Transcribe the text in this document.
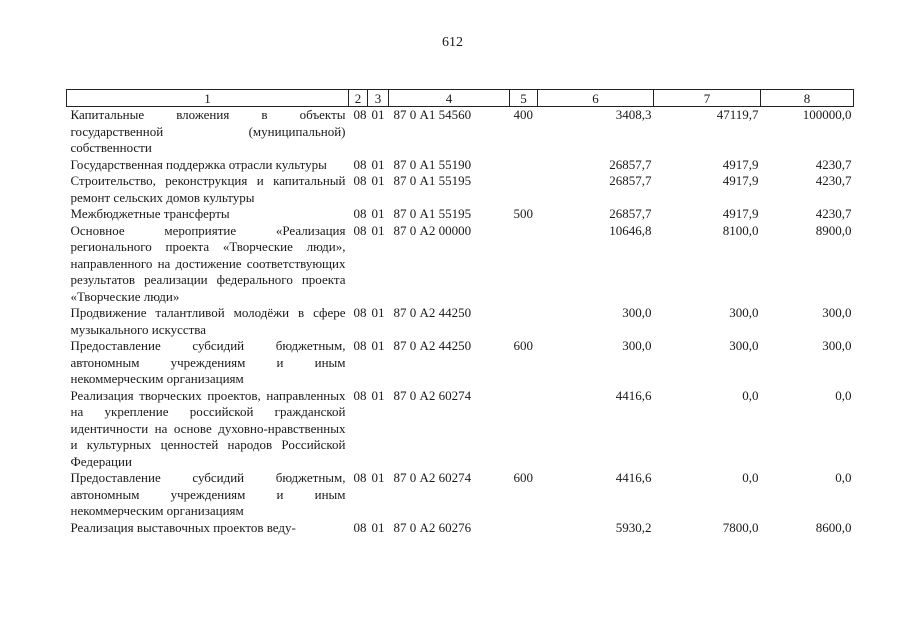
612
1	2	3	4	5	6	7	8
Капитальные вложения в объекты государственной (муниципальной) собственности	08	01	87 0 А1 54560	400	3408,3	47119,7	100000,0
Государственная поддержка отрасли культуры	08	01	87 0 А1 55190		26857,7	4917,9	4230,7
Строительство, реконструкция и капитальный ремонт сельских домов культуры	08	01	87 0 А1 55195		26857,7	4917,9	4230,7
Межбюджетные трансферты	08	01	87 0 А1 55195	500	26857,7	4917,9	4230,7
Основное мероприятие «Реализация регионального проекта «Творческие люди», направленного на достижение соответствующих результатов реализации федерального проекта «Творческие люди»	08	01	87 0 А2 00000		10646,8	8100,0	8900,0
Продвижение талантливой молодёжи в сфере музыкального искусства	08	01	87 0 А2 44250		300,0	300,0	300,0
Предоставление субсидий бюджетным, автономным учреждениям и иным некоммерческим организациям	08	01	87 0 А2 44250	600	300,0	300,0	300,0
Реализация творческих проектов, направленных на укрепление российской гражданской идентичности на основе духовно-нравственных и культурных ценностей народов Российской Федерации	08	01	87 0 А2 60274		4416,6	0,0	0,0
Предоставление субсидий бюджетным, автономным учреждениям и иным некоммерческим организациям	08	01	87 0 А2 60274	600	4416,6	0,0	0,0
Реализация выставочных проектов веду-	08	01	87 0 А2 60276		5930,2	7800,0	8600,0
